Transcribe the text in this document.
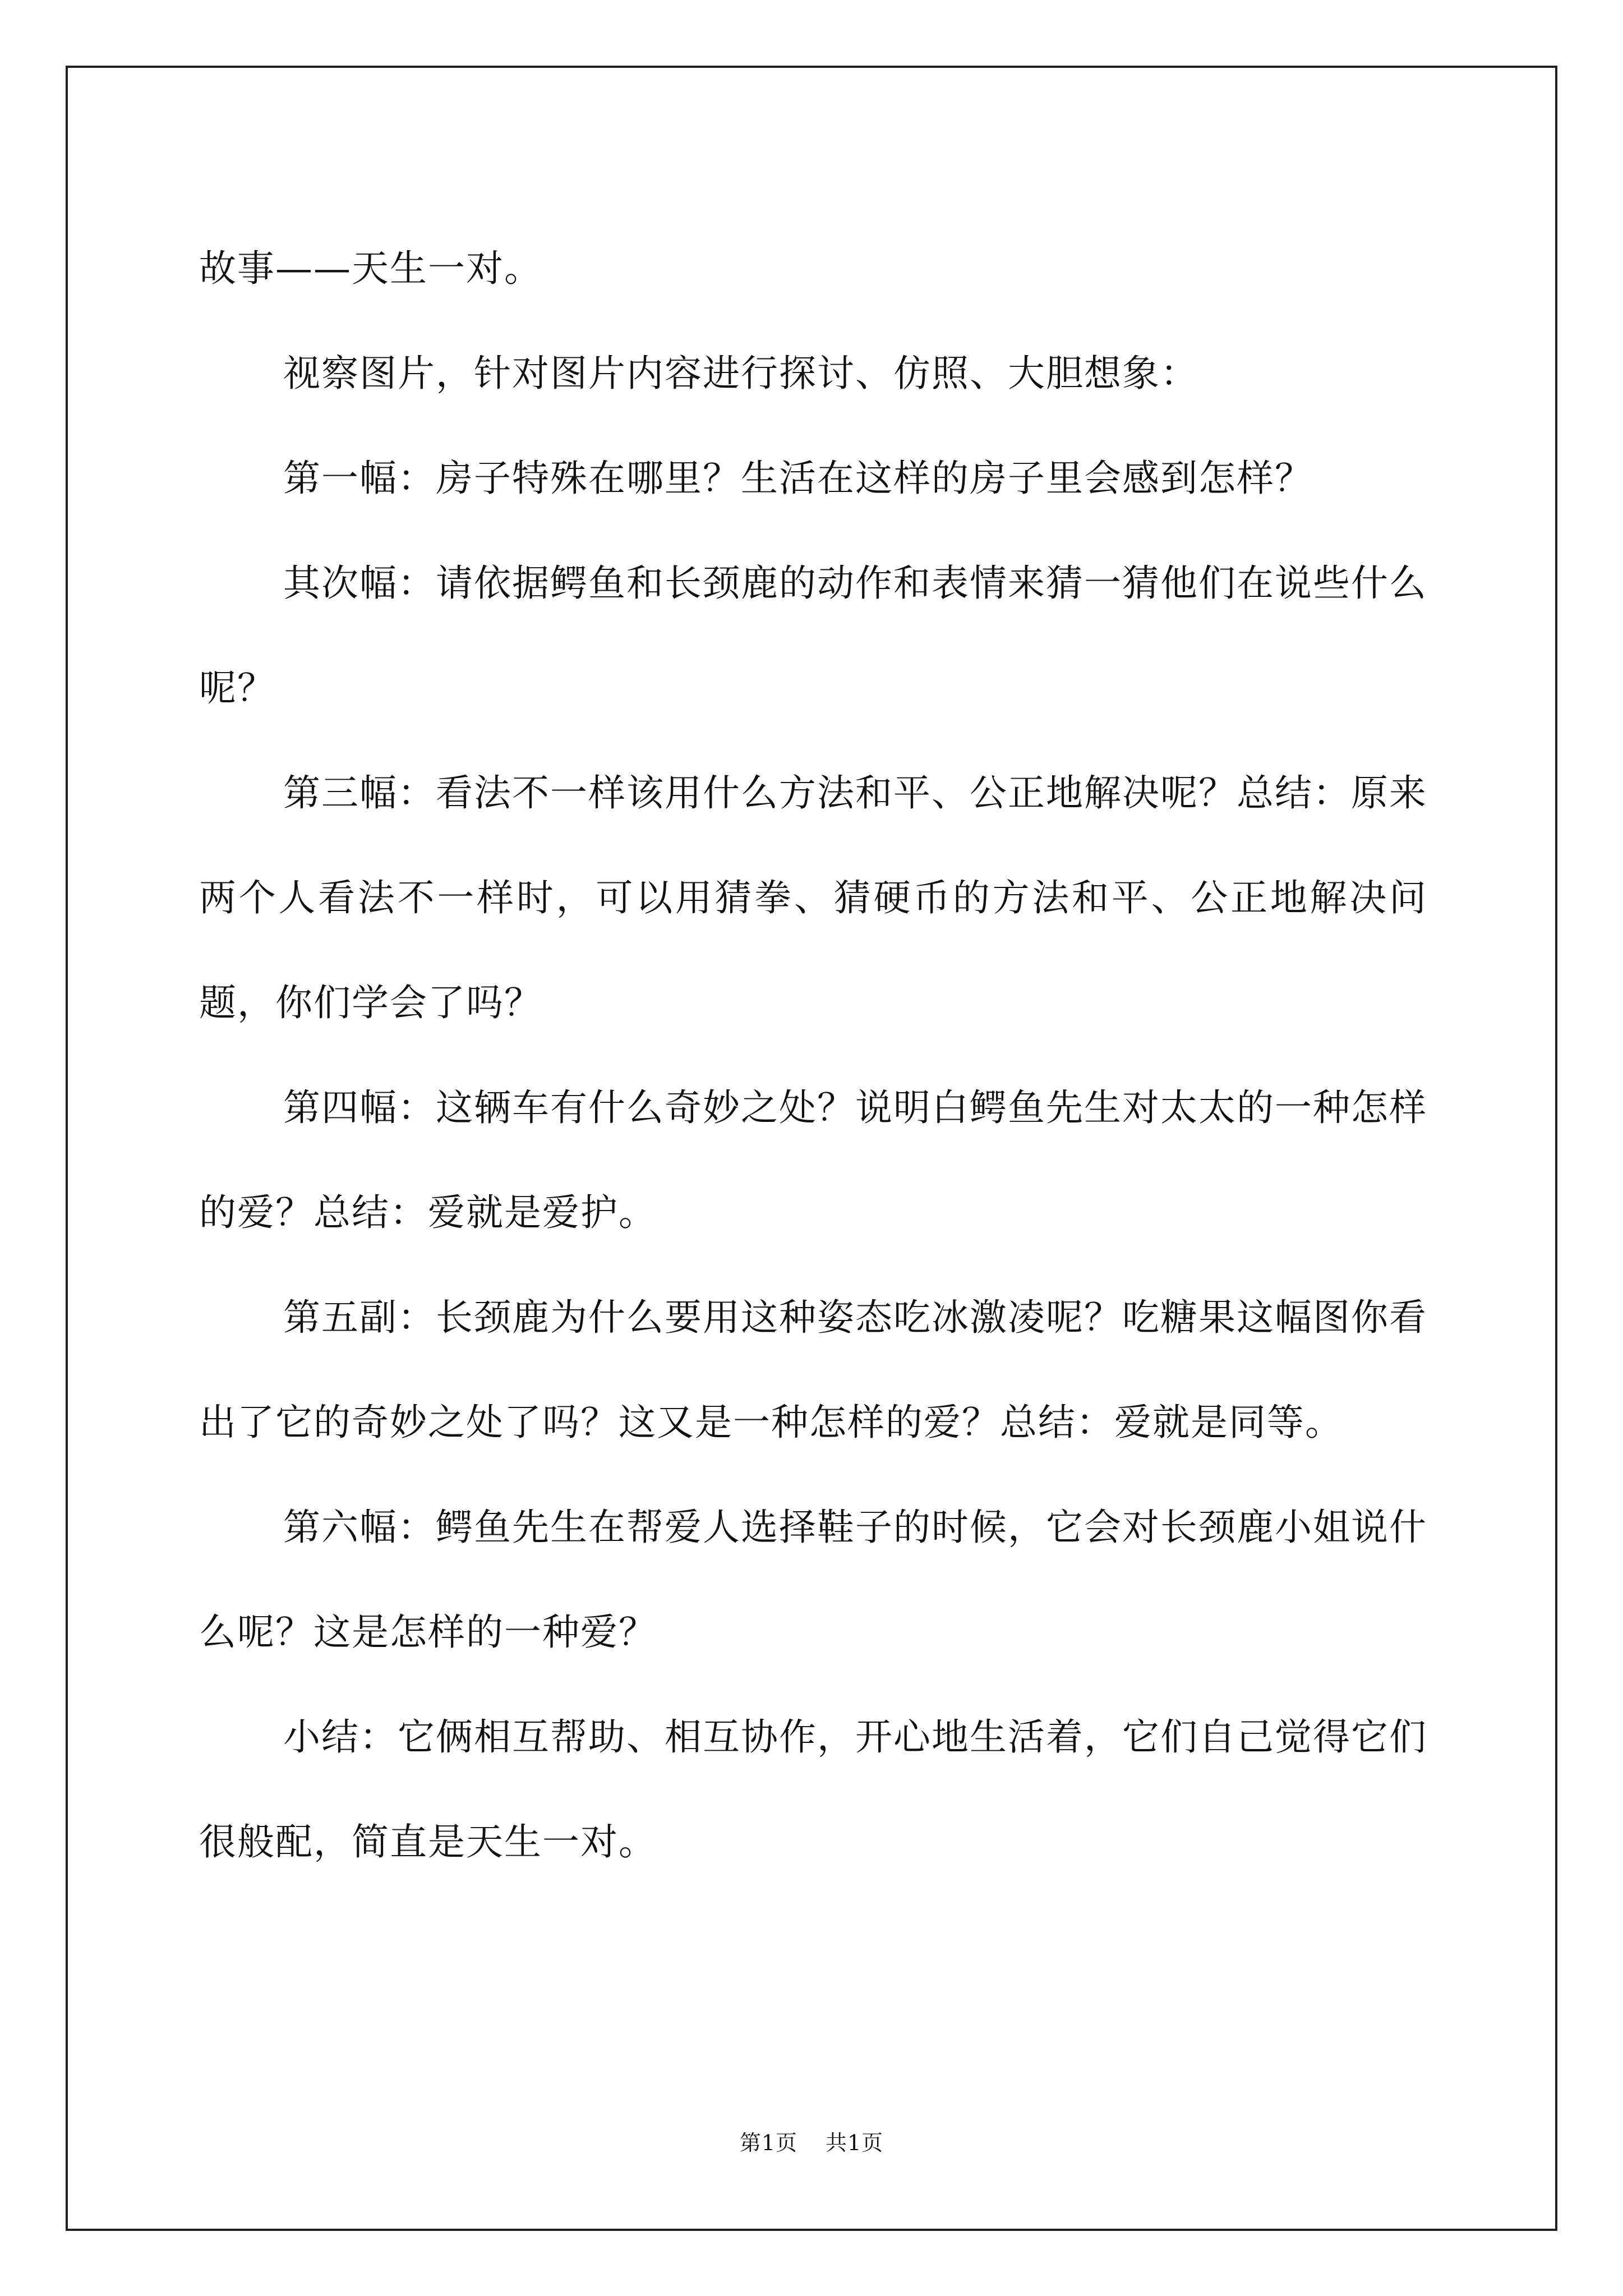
故事——天生一对。

视察图片，针对图片内容进行探讨、仿照、大胆想象：

第一幅：房子特殊在哪里？生活在这样的房子里会感到怎样？

其次幅：请依据鳄鱼和长颈鹿的动作和表情来猜一猜他们在说些什么呢？

第三幅：看法不一样该用什么方法和平、公正地解决呢？总结：原来两个人看法不一样时，可以用猜拳、猜硬币的方法和平、公正地解决问题，你们学会了吗？

第四幅：这辆车有什么奇妙之处？说明白鳄鱼先生对太太的一种怎样的爱？总结：爱就是爱护。

第五副：长颈鹿为什么要用这种姿态吃冰激凌呢？吃糖果这幅图你看出了它的奇妙之处了吗？这又是一种怎样的爱？总结：爱就是同等。

第六幅：鳄鱼先生在帮爱人选择鞋子的时候，它会对长颈鹿小姐说什么呢？这是怎样的一种爱？

小结：它俩相互帮助、相互协作，开心地生活着，它们自己觉得它们很般配，简直是天生一对。

第1页 共1页
